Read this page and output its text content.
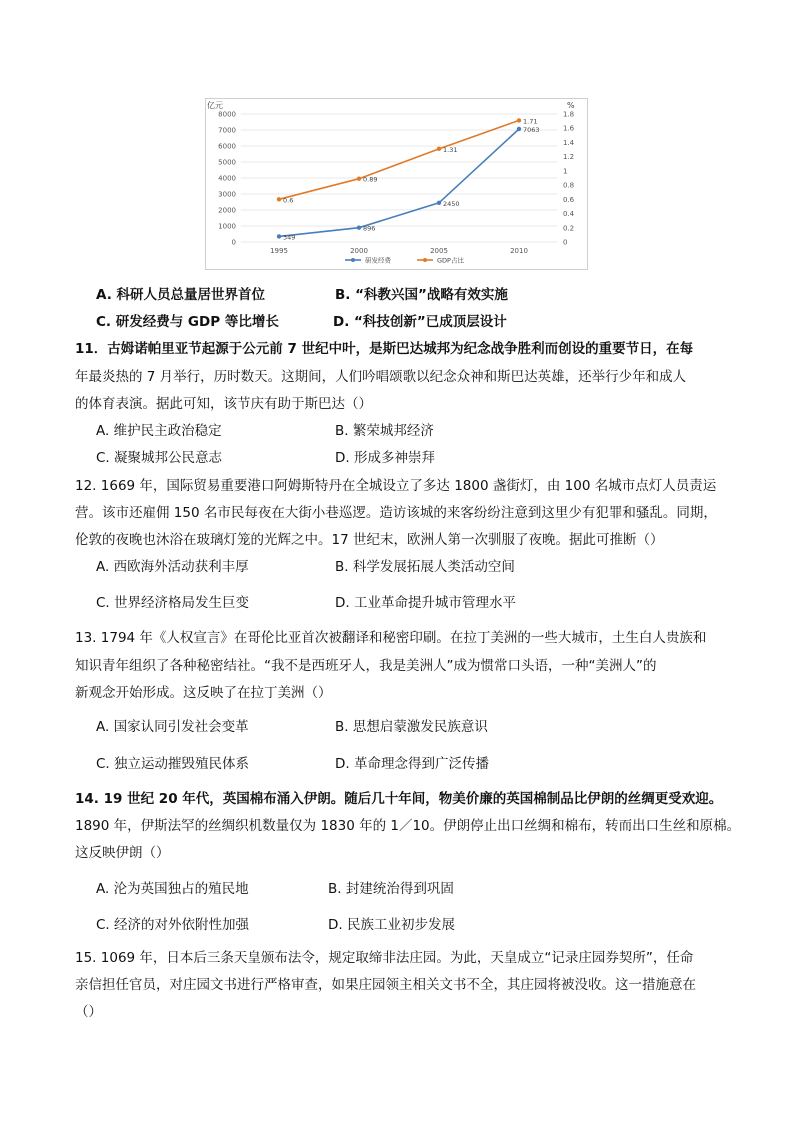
亿元	%
0
1000
2000
3000
4000
5000
6000
7000
8000
0
0.2
0.4
0.6
0.8
1
1.2
1.4
1.6
1.8
1995	2000	2005	2010
349
896
2450
7063
0.6
0.89
1.31
1.71
研发经费	GDP占比
A. 科研人员总量居世界首位	B. “科教兴国”战略有效实施
C. 研发经费与 GDP 等比增长	D. “科技创新”已成顶层设计
11．古姆诺帕里亚节起源于公元前 7 世纪中叶，是斯巴达城邦为纪念战争胜利而创设的重要节日，在每
年最炎热的 7 月举行，历时数天。这期间，人们吟唱颂歌以纪念众神和斯巴达英雄，还举行少年和成人
的体育表演。据此可知，该节庆有助于斯巴达（）
A. 维护民主政治稳定	B. 繁荣城邦经济
C. 凝聚城邦公民意志	D. 形成多神崇拜
12. 1669 年，国际贸易重要港口阿姆斯特丹在全城设立了多达 1800 盏街灯，由 100 名城市点灯人员责运
营。该市还雇佣 150 名市民每夜在大街小巷巡逻。造访该城的来客纷纷注意到这里少有犯罪和骚乱。同期，
伦敦的夜晚也沐浴在玻璃灯笼的光辉之中。17 世纪末，欧洲人第一次驯服了夜晚。据此可推断（）
A. 西欧海外活动获利丰厚	B. 科学发展拓展人类活动空间
C. 世界经济格局发生巨变	D. 工业革命提升城市管理水平
13. 1794 年《人权宣言》在哥伦比亚首次被翻译和秘密印刷。在拉丁美洲的一些大城市，土生白人贵族和
知识青年组织了各种秘密结社。“我不是西班牙人，我是美洲人”成为惯常口头语，一种“美洲人”的
新观念开始形成。这反映了在拉丁美洲（）
A. 国家认同引发社会变革	B. 思想启蒙激发民族意识
C. 独立运动摧毁殖民体系	D. 革命理念得到广泛传播
14. 19 世纪 20 年代，英国棉布涌入伊朗。随后几十年间，物美价廉的英国棉制品比伊朗的丝绸更受欢迎。
1890 年，伊斯法罕的丝绸织机数量仅为 1830 年的 1／10。伊朗停止出口丝绸和棉布，转而出口生丝和原棉。
这反映伊朗（）
A. 沦为英国独占的殖民地	B. 封建统治得到巩固
C. 经济的对外依附性加强	D. 民族工业初步发展
15. 1069 年，日本后三条天皇颁布法令，规定取缔非法庄园。为此，天皇成立“记录庄园券契所”，任命
亲信担任官员，对庄园文书进行严格审查，如果庄园领主相关文书不全，其庄园将被没收。这一措施意在
（）
